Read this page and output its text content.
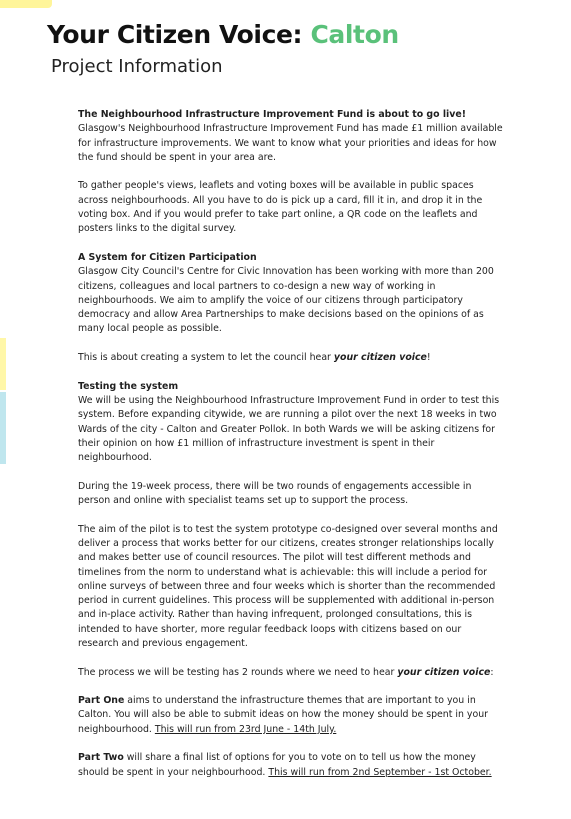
Your Citizen Voice: Calton
Project Information

The Neighbourhood Infrastructure Improvement Fund is about to go live!
Glasgow's Neighbourhood Infrastructure Improvement Fund has made £1 million available for infrastructure improvements. We want to know what your priorities and ideas for how the fund should be spent in your area are.

To gather people's views, leaflets and voting boxes will be available in public spaces across neighbourhoods. All you have to do is pick up a card, fill it in, and drop it in the voting box. And if you would prefer to take part online, a QR code on the leaflets and posters links to the digital survey.

A System for Citizen Participation
Glasgow City Council's Centre for Civic Innovation has been working with more than 200 citizens, colleagues and local partners to co-design a new way of working in neighbourhoods. We aim to amplify the voice of our citizens through participatory democracy and allow Area Partnerships to make decisions based on the opinions of as many local people as possible.

This is about creating a system to let the council hear your citizen voice!

Testing the system
We will be using the Neighbourhood Infrastructure Improvement Fund in order to test this system. Before expanding citywide, we are running a pilot over the next 18 weeks in two Wards of the city - Calton and Greater Pollok. In both Wards we will be asking citizens for their opinion on how £1 million of infrastructure investment is spent in their neighbourhood.

During the 19-week process, there will be two rounds of engagements accessible in person and online with specialist teams set up to support the process.

The aim of the pilot is to test the system prototype co-designed over several months and deliver a process that works better for our citizens, creates stronger relationships locally and makes better use of council resources. The pilot will test different methods and timelines from the norm to understand what is achievable: this will include a period for online surveys of between three and four weeks which is shorter than the recommended period in current guidelines. This process will be supplemented with additional in-person and in-place activity. Rather than having infrequent, prolonged consultations, this is intended to have shorter, more regular feedback loops with citizens based on our research and previous engagement.

The process we will be testing has 2 rounds where we need to hear your citizen voice:

Part One aims to understand the infrastructure themes that are important to you in Calton. You will also be able to submit ideas on how the money should be spent in your neighbourhood. This will run from 23rd June - 14th July.

Part Two will share a final list of options for you to vote on to tell us how the money should be spent in your neighbourhood. This will run from 2nd September - 1st October.
